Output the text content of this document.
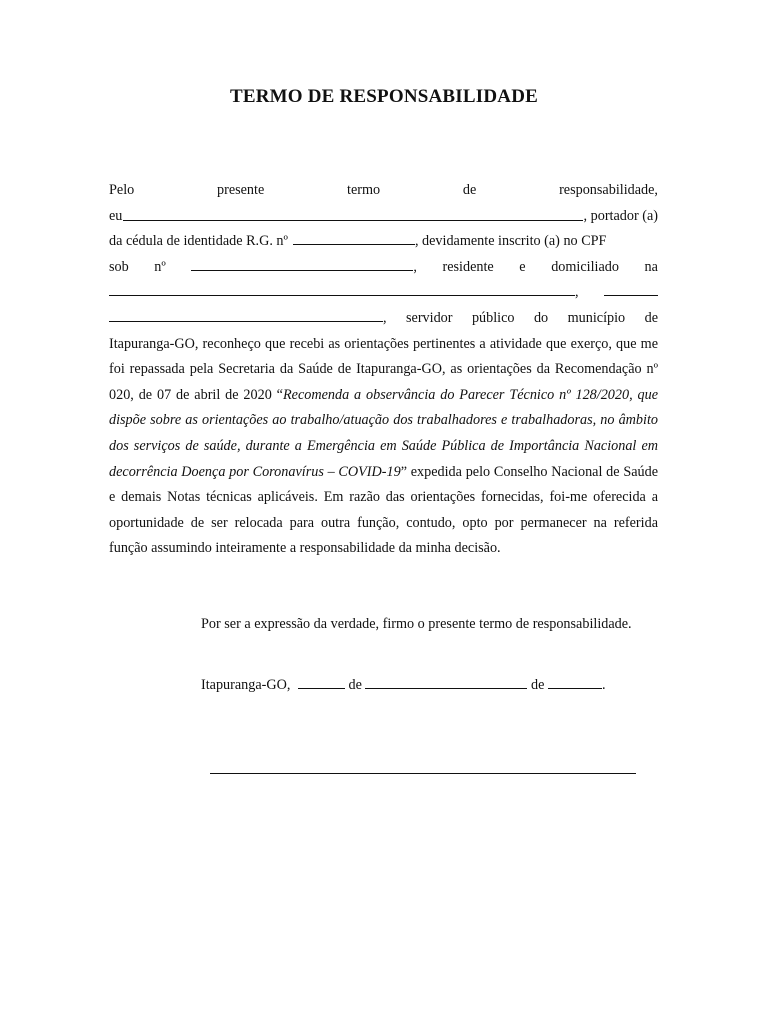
TERMO DE RESPONSABILIDADE
Pelo	presente	termo	de	responsabilidade,
eu	, portador (a)
da cédula de identidade R.G. nº	, devidamente inscrito (a) no CPF
sob nº	, residente e domiciliado na
,
, servidor público do município de
Itapuranga-GO, reconheço que recebi as orientações pertinentes a atividade que exerço, que me foi repassada pela Secretaria da Saúde de Itapuranga-GO, as orientações da Recomendação nº 020, de 07 de abril de 2020 “Recomenda a observância do Parecer Técnico nº 128/2020, que dispõe sobre as orientações ao trabalho/atuação dos trabalhadores e trabalhadoras, no âmbito dos serviços de saúde, durante a Emergência em Saúde Pública de Importância Nacional em decorrência Doença por Coronavírus – COVID-19” expedida pelo Conselho Nacional de Saúde e demais Notas técnicas aplicáveis. Em razão das orientações fornecidas, foi-me oferecida a oportunidade de ser relocada para outra função, contudo, opto por permanecer na referida função assumindo inteiramente a responsabilidade da minha decisão.
Por ser a expressão da verdade, firmo o presente termo de responsabilidade.
Itapuranga-GO,	de	de	.
